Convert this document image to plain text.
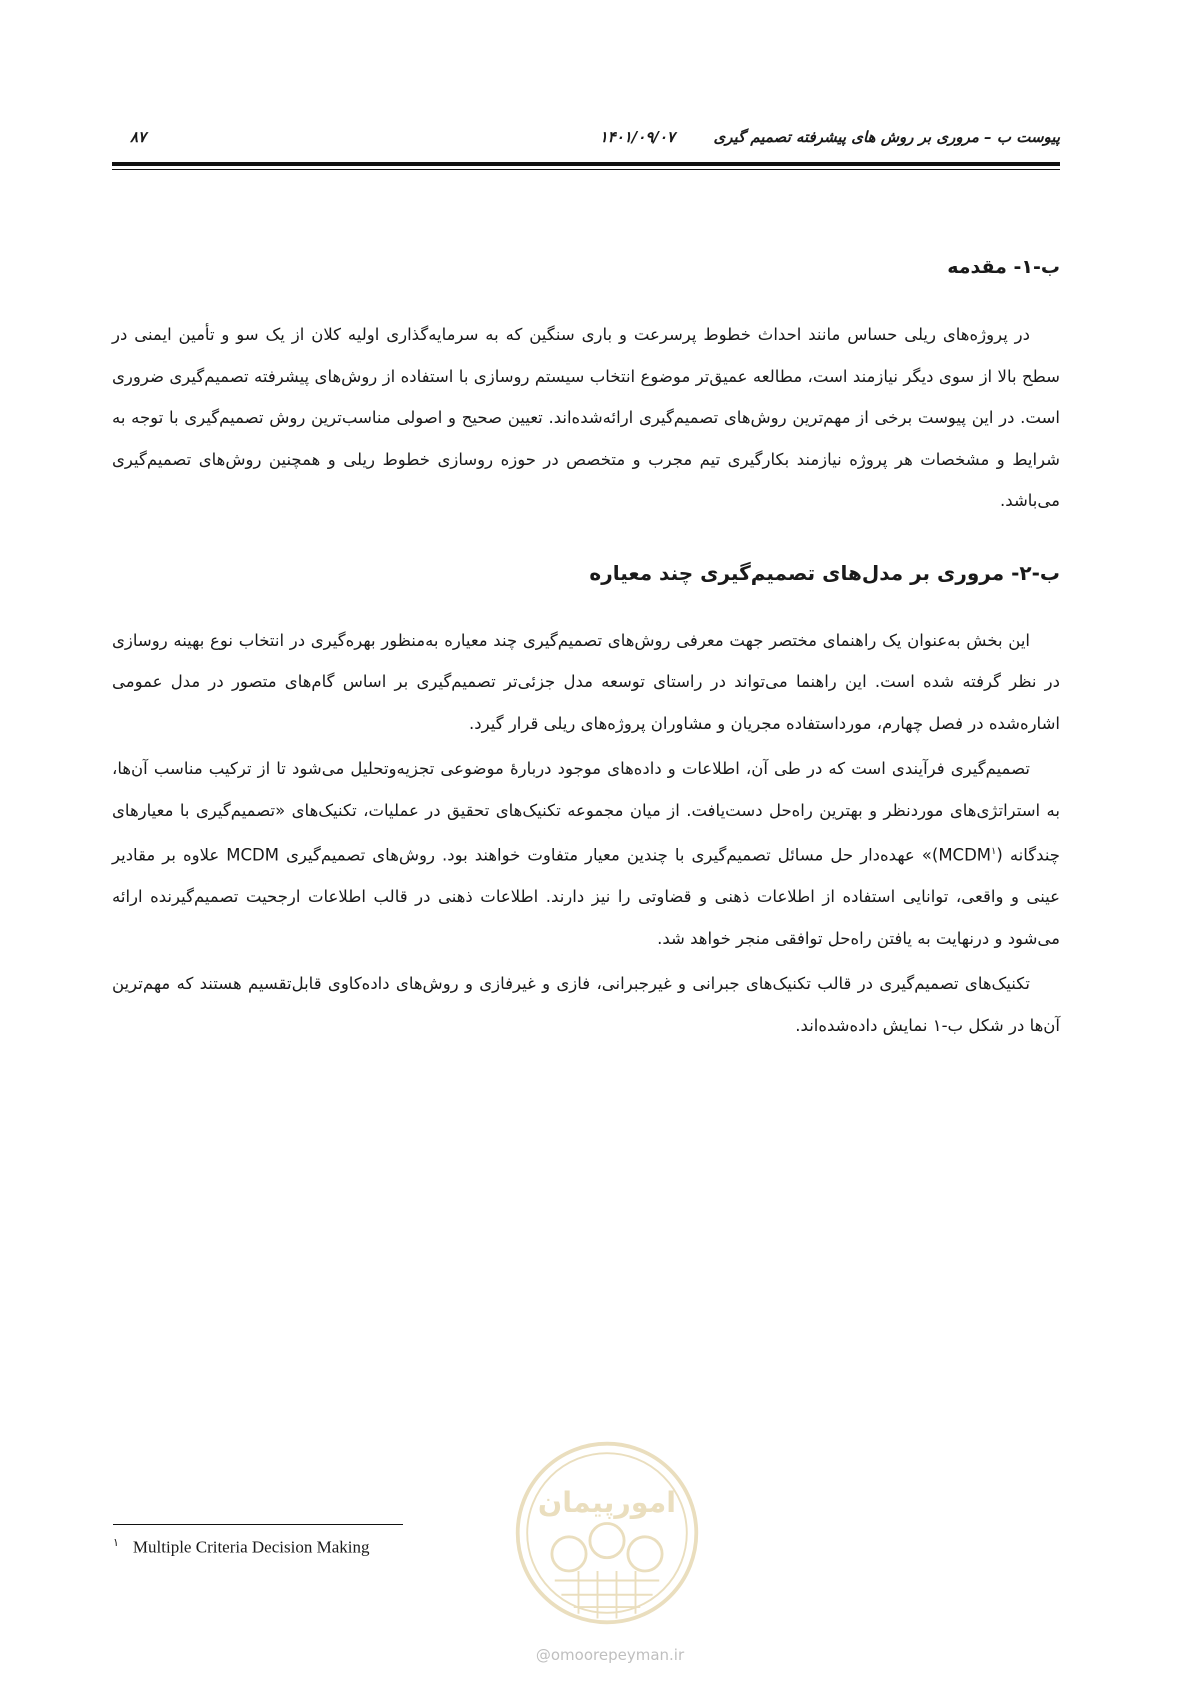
پیوست ب – مروری بر روش های پیشرفته تصمیم گیری
۱۴۰۱/۰۹/۰۷
۸۷
ب-۱- مقدمه

در پروژه‌های ریلی حساس مانند احداث خطوط پرسرعت و باری سنگین که به سرمایه‌گذاری اولیه کلان از یک سو و تأمین ایمنی در سطح بالا از سوی دیگر نیازمند است، مطالعه عمیق‌تر موضوع انتخاب سیستم روسازی با استفاده از روش‌های پیشرفته تصمیم‌گیری ضروری است. در این پیوست برخی از مهم‌ترین روش‌های تصمیم‌گیری ارائه‌شده‌اند. تعیین صحیح و اصولی مناسب‌ترین روش تصمیم‌گیری با توجه به شرایط و مشخصات هر پروژه نیازمند بکارگیری تیم مجرب و متخصص در حوزه روسازی خطوط ریلی و همچنین روش‌های تصمیم‌گیری می‌باشد.

ب-۲- مروری بر مدل‌های تصمیم‌گیری چند معیاره

این بخش به‌عنوان یک راهنمای مختصر جهت معرفی روش‌های تصمیم‌گیری چند معیاره به‌منظور بهره‌گیری در انتخاب نوع بهینه روسازی در نظر گرفته شده است. این راهنما می‌تواند در راستای توسعه مدل جزئی‌تر تصمیم‌گیری بر اساس گام‌های متصور در مدل عمومی اشاره‌شده در فصل چهارم، مورداستفاده مجریان و مشاوران پروژه‌های ریلی قرار گیرد.

تصمیم‌گیری فرآیندی است که در طی آن، اطلاعات و داده‌های موجود دربارهٔ موضوعی تجزیه‌وتحلیل می‌شود تا از ترکیب مناسب آن‌ها، به استراتژی‌های موردنظر و بهترین راه‌حل دست‌یافت. از میان مجموعه تکنیک‌های تحقیق در عملیات، تکنیک‌های «تصمیم‌گیری با معیارهای چندگانه (MCDM$^۱$)» عهده‌دار حل مسائل تصمیم‌گیری با چندین معیار متفاوت خواهند بود. روش‌های تصمیم‌گیری MCDM علاوه بر مقادیر عینی و واقعی، توانایی استفاده از اطلاعات ذهنی و قضاوتی را نیز دارند. اطلاعات ذهنی در قالب اطلاعات ارجحیت تصمیم‌گیرنده ارائه می‌شود و درنهایت به یافتن راه‌حل توافقی منجر خواهد شد.

تکنیک‌های تصمیم‌گیری در قالب تکنیک‌های جبرانی و غیرجبرانی، فازی و غیرفازی و روش‌های داده‌کاوی قابل‌تقسیم هستند که مهم‌ترین آن‌ها در شکل ب-۱ نمایش داده‌شده‌اند.

$^۱$ Multiple Criteria Decision Making
امورپیمان
@omoorepeyman.ir
